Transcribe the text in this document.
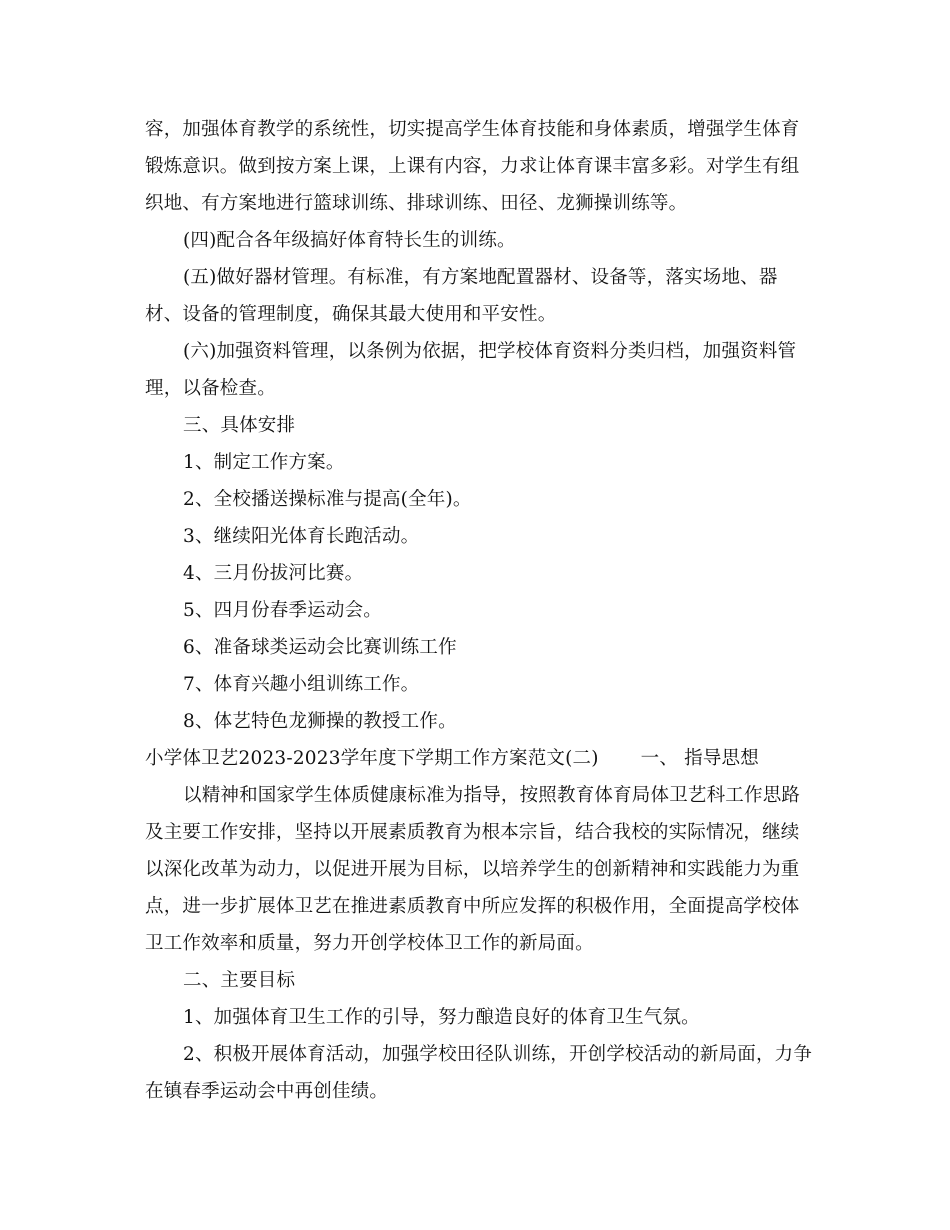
容，加强体育教学的系统性，切实提高学生体育技能和身体素质，增强学生体育
锻炼意识。做到按方案上课，上课有内容，力求让体育课丰富多彩。对学生有组
织地、有方案地进行篮球训练、排球训练、田径、龙狮操训练等。
(四)配合各年级搞好体育特长生的训练。
(五)做好器材管理。有标准，有方案地配置器材、设备等，落实场地、器
材、设备的管理制度，确保其最大使用和平安性。
(六)加强资料管理，以条例为依据，把学校体育资料分类归档，加强资料管
理，以备检查。
三、具体安排
1、制定工作方案。
2、全校播送操标准与提高(全年)。
3、继续阳光体育长跑活动。
4、三月份拔河比赛。
5、四月份春季运动会。
6、准备球类运动会比赛训练工作
7、体育兴趣小组训练工作。
8、体艺特色龙狮操的教授工作。
小学体卫艺2023-2023学年度下学期工作方案范文(二) 一、 指导思想
以精神和国家学生体质健康标准为指导，按照教育体育局体卫艺科工作思路
及主要工作安排，坚持以开展素质教育为根本宗旨，结合我校的实际情况，继续
以深化改革为动力，以促进开展为目标，以培养学生的创新精神和实践能力为重
点，进一步扩展体卫艺在推进素质教育中所应发挥的积极作用，全面提高学校体
卫工作效率和质量，努力开创学校体卫工作的新局面。
二、主要目标
1、加强体育卫生工作的引导，努力酿造良好的体育卫生气氛。
2、积极开展体育活动，加强学校田径队训练，开创学校活动的新局面，力争
在镇春季运动会中再创佳绩。
